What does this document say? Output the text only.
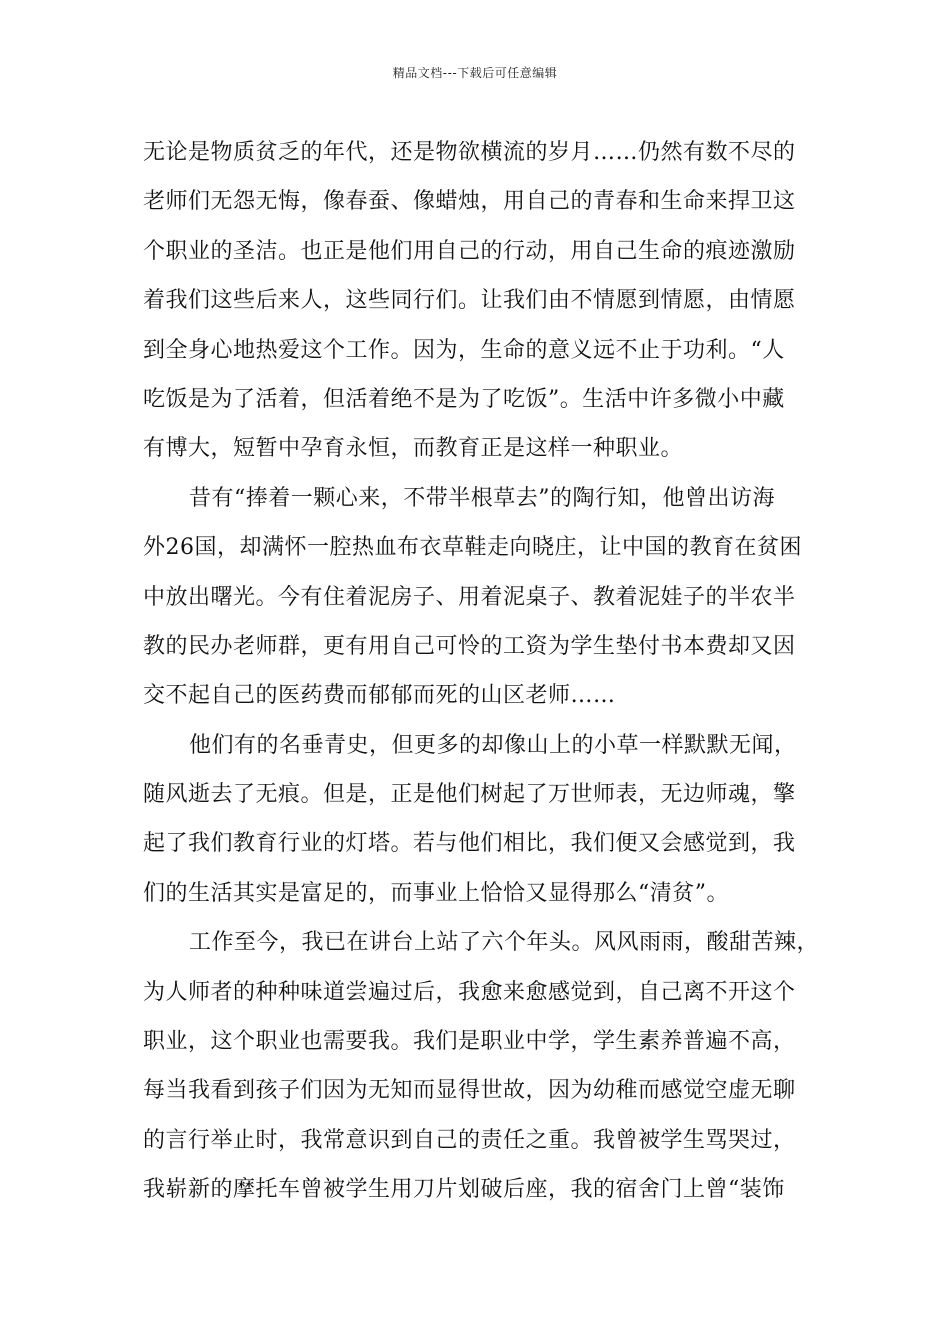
精品文档---下载后可任意编辑
无论是物质贫乏的年代，还是物欲横流的岁月……仍然有数不尽的
老师们无怨无悔，像春蚕、像蜡烛，用自己的青春和生命来捍卫这
个职业的圣洁。也正是他们用自己的行动，用自己生命的痕迹激励
着我们这些后来人，这些同行们。让我们由不情愿到情愿，由情愿
到全身心地热爱这个工作。因为，生命的意义远不止于功利。“人
吃饭是为了活着，但活着绝不是为了吃饭”。生活中许多微小中藏
有博大，短暂中孕育永恒，而教育正是这样一种职业。
昔有“捧着一颗心来，不带半根草去”的陶行知，他曾出访海
外26国，却满怀一腔热血布衣草鞋走向晓庄，让中国的教育在贫困
中放出曙光。今有住着泥房子、用着泥桌子、教着泥娃子的半农半
教的民办老师群，更有用自己可怜的工资为学生垫付书本费却又因
交不起自己的医药费而郁郁而死的山区老师……
他们有的名垂青史，但更多的却像山上的小草一样默默无闻，
随风逝去了无痕。但是，正是他们树起了万世师表，无边师魂，擎
起了我们教育行业的灯塔。若与他们相比，我们便又会感觉到，我
们的生活其实是富足的，而事业上恰恰又显得那么“清贫”。
工作至今，我已在讲台上站了六个年头。风风雨雨，酸甜苦辣，
为人师者的种种味道尝遍过后，我愈来愈感觉到，自己离不开这个
职业，这个职业也需要我。我们是职业中学，学生素养普遍不高，
每当我看到孩子们因为无知而显得世故，因为幼稚而感觉空虚无聊
的言行举止时，我常意识到自己的责任之重。我曾被学生骂哭过，
我崭新的摩托车曾被学生用刀片划破后座，我的宿舍门上曾“装饰
